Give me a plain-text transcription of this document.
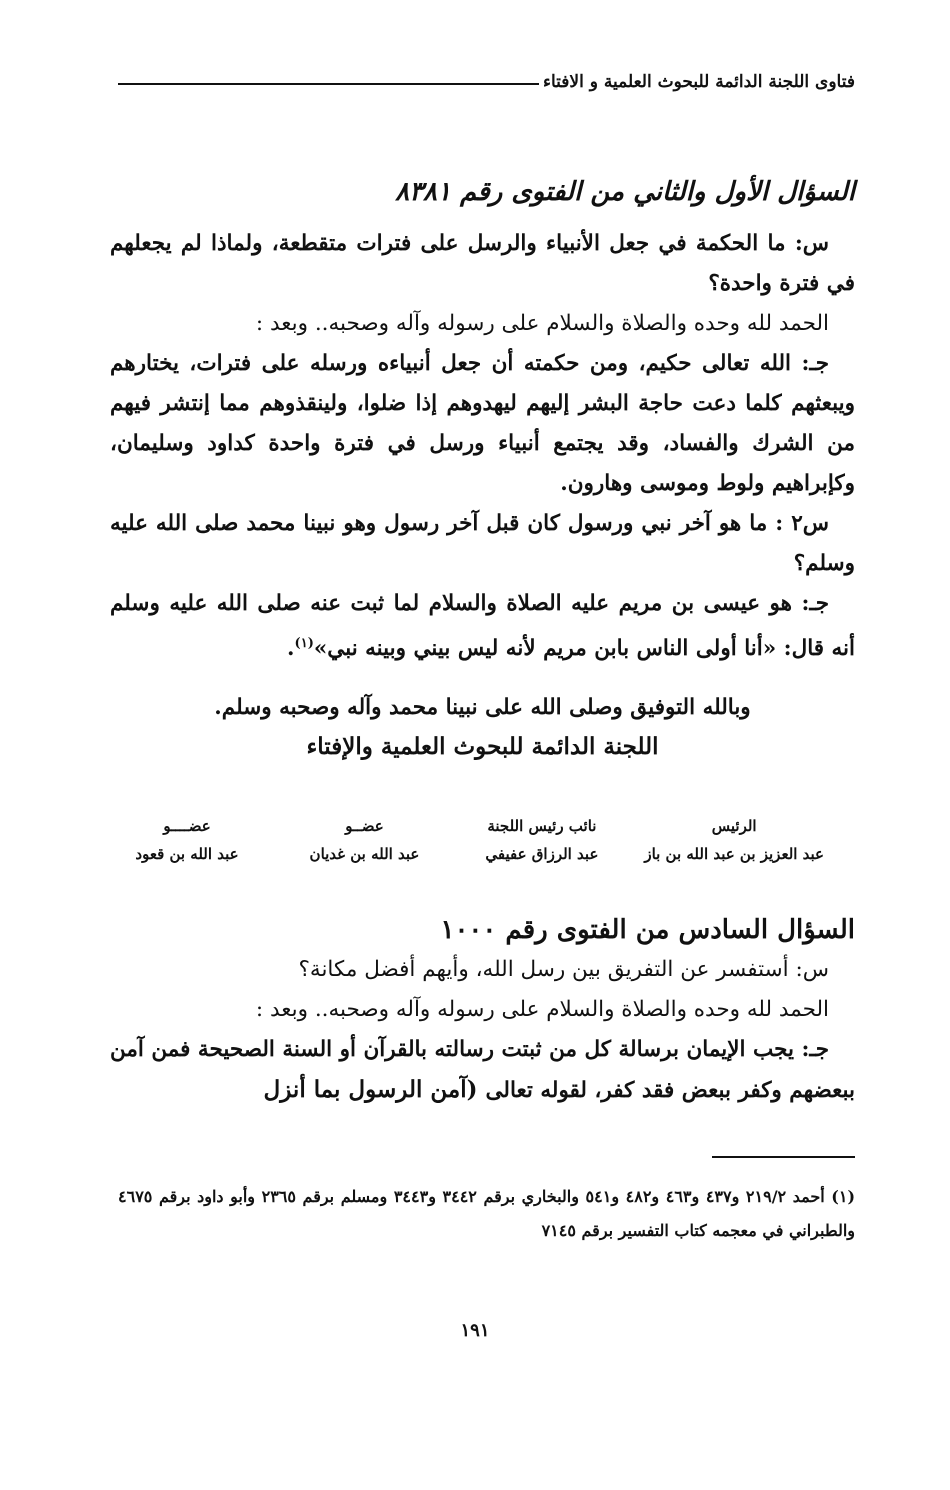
فتاوى اللجنة الدائمة للبحوث العلمية و الافتاء
السؤال الأول والثاني من الفتوى رقم ٨٣٨١

س: ما الحكمة في جعل الأنبياء والرسل على فترات متقطعة، ولماذا لم يجعلهم في فترة واحدة؟

الحمد لله وحده والصلاة والسلام على رسوله وآله وصحبه.. وبعد :

جـ: الله تعالى حكيم، ومن حكمته أن جعل أنبياءه ورسله على فترات، يختارهم ويبعثهم كلما دعت حاجة البشر إليهم ليهدوهم إذا ضلوا، ولينقذوهم مما إنتشر فيهم من الشرك والفساد، وقد يجتمع أنبياء ورسل في فترة واحدة كداود وسليمان، وكإبراهيم ولوط وموسى وهارون.

س٢ : ما هو آخر نبي ورسول كان قبل آخر رسول وهو نبينا محمد صلى الله عليه وسلم؟

جـ: هو عيسى بن مريم عليه الصلاة والسلام لما ثبت عنه صلى الله عليه وسلم أنه قال: «أنا أولى الناس بابن مريم لأنه ليس بيني وبينه نبي»$^{(١)}$.

وبالله التوفيق وصلى الله على نبينا محمد وآله وصحبه وسلم.
اللجنة الدائمة للبحوث العلمية والإفتاء
الرئيس
عبد العزيز بن عبد الله بن باز
نائب رئيس اللجنة
عبد الرزاق عفيفي
عضــو
عبد الله بن غديان
عضــــو
عبد الله بن قعود
السؤال السادس من الفتوى رقم ١٠٠٠

س: أستفسر عن التفريق بين رسل الله، وأيهم أفضل مكانة؟

الحمد لله وحده والصلاة والسلام على رسوله وآله وصحبه.. وبعد :

جـ: يجب الإيمان برسالة كل من ثبتت رسالته بالقرآن أو السنة الصحيحة فمن آمن ببعضهم وكفر ببعض فقد كفر، لقوله تعالى (آمن الرسول بما أنزل

(١) أحمد ٢١٩/٢ و٤٣٧ و٤٦٣ و٤٨٢ و٥٤١ والبخاري برقم ٣٤٤٢ و٣٤٤٣ ومسلم برقم ٢٣٦٥ وأبو داود برقم ٤٦٧٥ والطبراني في معجمه كتاب التفسير برقم ٧١٤٥
١٩١
